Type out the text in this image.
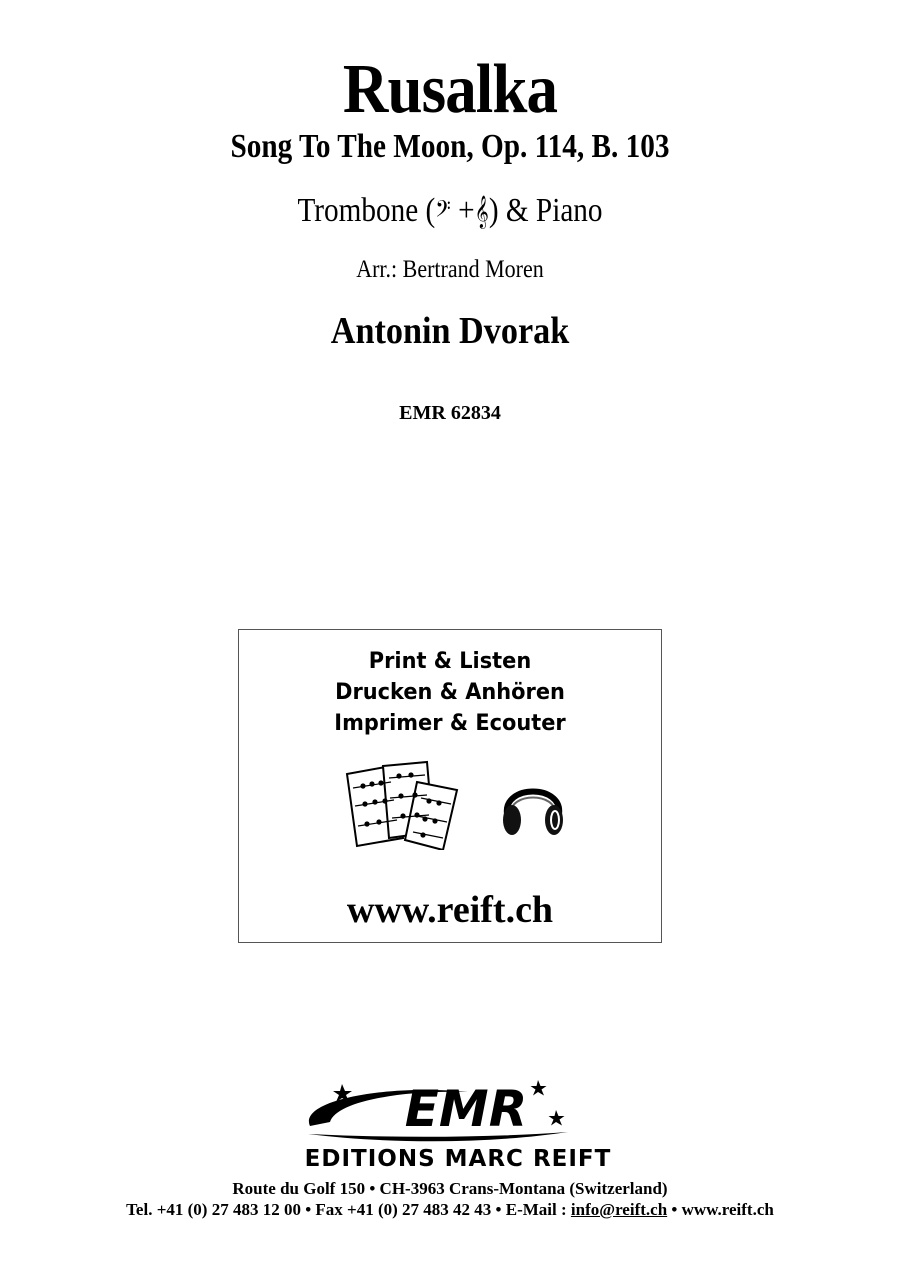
Rusalka
Song To The Moon, Op. 114, B. 103
Trombone (𝄢 +𝄞) & Piano
Arr.: Bertrand Moren
Antonin Dvorak
EMR 62834
Print & Listen
Drucken & Anhören
Imprimer & Ecouter
www.reift.ch
EMR
EDITIONS MARC REIFT
Route du Golf 150 • CH-3963 Crans-Montana (Switzerland)
Tel. +41 (0) 27 483 12 00 • Fax +41 (0) 27 483 42 43 • E-Mail : info@reift.ch • www.reift.ch
